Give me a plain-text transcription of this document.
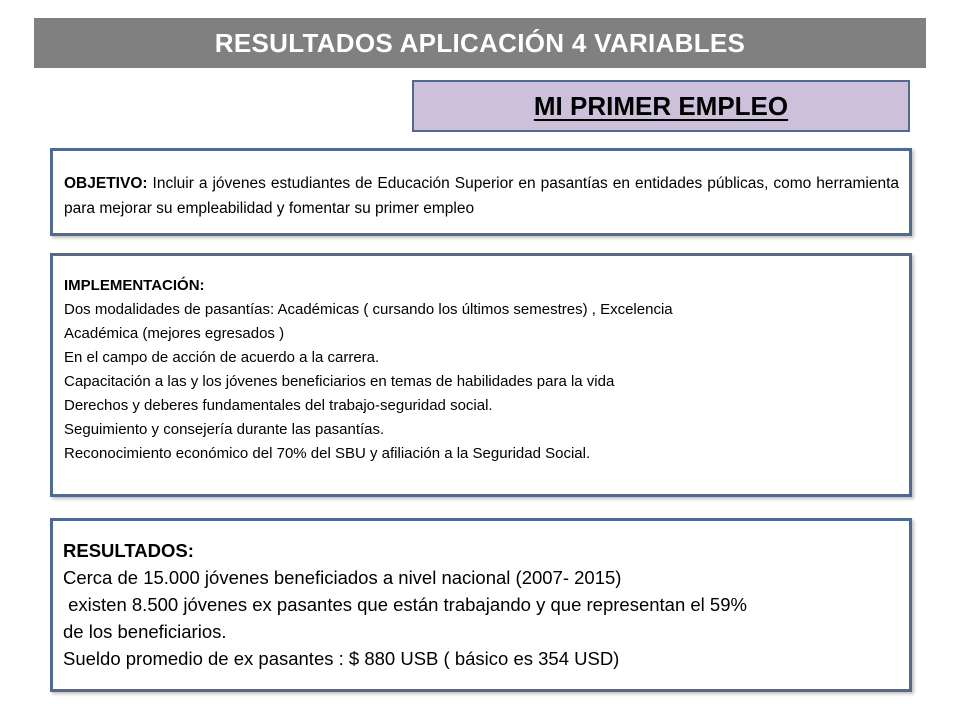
RESULTADOS APLICACIÓN 4 VARIABLES
MI PRIMER EMPLEO
OBJETIVO: Incluir a jóvenes estudiantes de Educación Superior en pasantías en entidades públicas, como herramienta para mejorar su empleabilidad y fomentar su primer empleo
IMPLEMENTACIÓN:
Dos modalidades de pasantías: Académicas ( cursando los últimos semestres) , Excelencia
Académica (mejores egresados )
En el campo de acción de acuerdo a la carrera.
Capacitación a las y los jóvenes beneficiarios en temas de habilidades para la vida
Derechos y deberes fundamentales del trabajo-seguridad social.
Seguimiento y consejería durante las pasantías.
Reconocimiento económico del 70% del SBU y afiliación a la Seguridad Social.
RESULTADOS:
Cerca de 15.000 jóvenes beneficiados a nivel nacional (2007- 2015)
existen 8.500 jóvenes ex pasantes que están trabajando y que representan el 59%
de los beneficiarios.
Sueldo promedio de ex pasantes : $ 880 USB ( básico es 354 USD)
